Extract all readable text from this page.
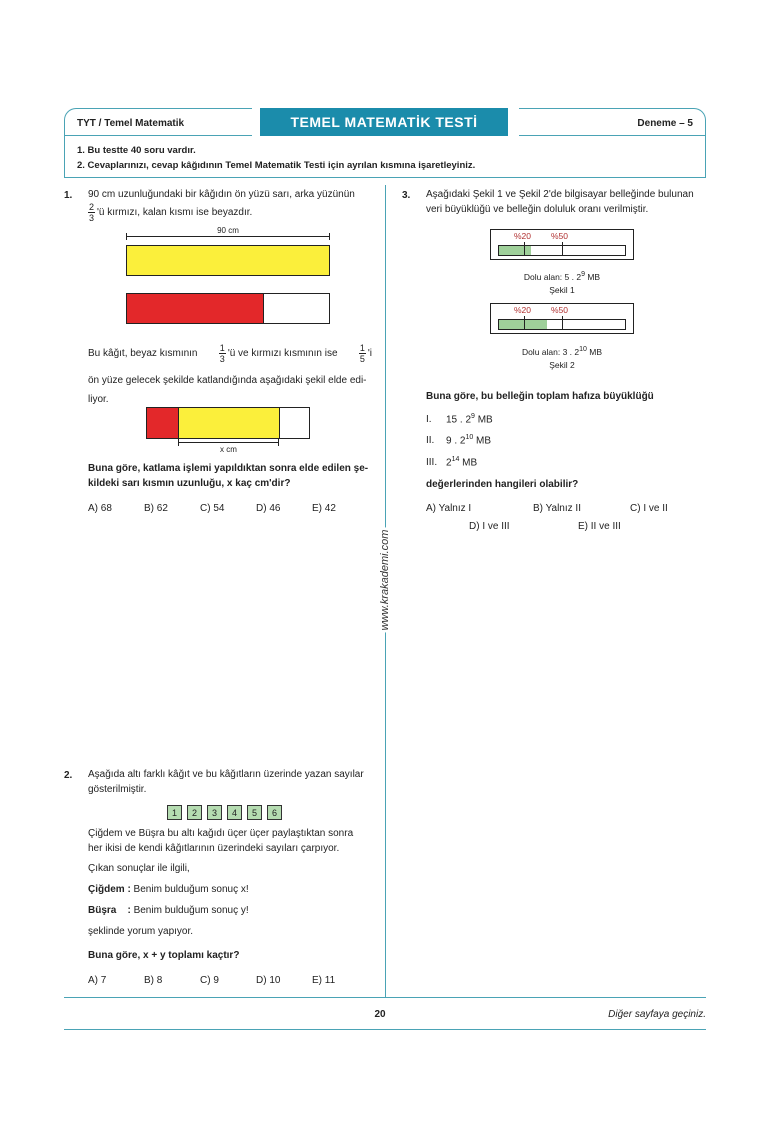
TYT / Temel Matematik	TEMEL MATEMATİK TESTİ	Deneme – 5
1. Bu testte 40 soru vardır.
2. Cevaplarınızı, cevap kâğıdının Temel Matematik Testi için ayrılan kısmına işaretleyiniz.
www.krakademi.com
1. 90 cm uzunluğundaki bir kâğıdın ön yüzü sarı, arka yüzünün
$\frac{2}{3}$ 'ü kırmızı, kalan kısmı ise beyazdır.
90 cm
Bu kâğıt, beyaz kısmının $\frac{1}{3}$ 'ü ve kırmızı kısmının ise $\frac{1}{5}$ 'i
ön yüze gelecek şekilde katlandığında aşağıdaki şekil elde edi-
liyor.
x cm
Buna göre, katlama işlemi yapıldıktan sonra elde edilen şe-
kildeki sarı kısmın uzunluğu, x kaç cm'dir?
A) 68	B) 62	C) 54	D) 46	E) 42
2. Aşağıda altı farklı kâğıt ve bu kâğıtların üzerinde yazan sayılar
gösterilmiştir.
1	2	3	4	5	6
Çiğdem ve Büşra bu altı kağıdı üçer üçer paylaştıktan sonra
her ikisi de kendi kâğıtlarının üzerindeki sayıları çarpıyor.
Çıkan sonuçlar ile ilgili,
Çiğdem : Benim bulduğum sonuç x!
Büşra    : Benim bulduğum sonuç y!
şeklinde yorum yapıyor.
Buna göre, x + y toplamı kaçtır?
A) 7	B) 8	C) 9	D) 10	E) 11
3. Aşağıdaki Şekil 1 ve Şekil 2'de bilgisayar belleğinde bulunan
veri büyüklüğü ve belleğin doluluk oranı verilmiştir.
%20 %50
Dolu alan: 5 . $2^9$ MB
Şekil 1
%20 %50
Dolu alan: 3 . $2^{10}$ MB
Şekil 2
Buna göre, bu belleğin toplam hafıza büyüklüğü
I. 15 . $2^9$ MB
II. 9 . $2^{10}$ MB
III. $2^{14}$ MB
değerlerinden hangileri olabilir?
A) Yalnız I	B) Yalnız II	C) I ve II
D) I ve III	E) II ve III
20	Diğer sayfaya geçiniz.
